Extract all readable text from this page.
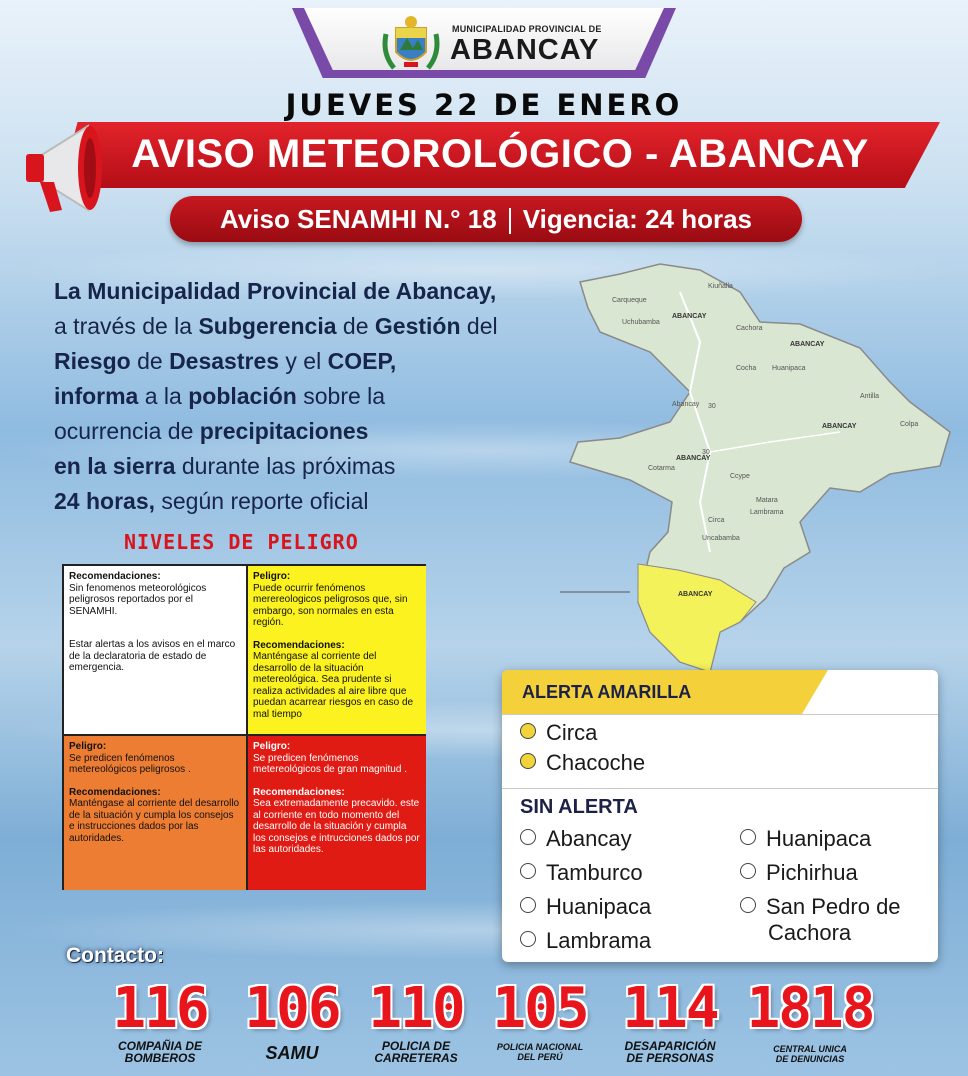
MUNICIPALIDAD PROVINCIAL DE
ABANCAY
JUEVES 22 DE ENERO
AVISO METEOROLÓGICO - ABANCAY
Aviso SENAMHI N.° 18 Vigencia: 24 horas
La Municipalidad Provincial de Abancay,
a través de la Subgerencia de Gestión del
Riesgo de Desastres y el COEP,
informa a la población sobre la
ocurrencia de precipitaciones
en la sierra durante las próximas
24 horas, según reporte oficial
Carqueque
Kiuñalla
Uchubamba
ABANCAY
Cachora
ABANCAY
Cocha Huanipaca
Abancay
Antilla
ABANCAY	Colpa
ABANCAY
Cotarma
Ccype
Matara
Lambrama
Circa
Uncabamba
ABANCAY
30
30
NIVELES DE PELIGRO
Recomendaciones:
Sin fenomenos meteorológicos peligrosos reportados por el SENAMHI.
Estar alertas a los avisos en el marco de la declaratoria de estado de emergencia.
Peligro:
Puede ocurrir fenómenos merereologicos peligrosos que, sin embargo, son normales en esta región.
Recomendaciones:
Manténgase al corriente del desarrollo de la situación metereológica. Sea prudente si realiza actividades al aire libre que puedan acarrear riesgos en caso de mal tiempo
Peligro:
Se predicen fenómenos metereológicos peligrosos .
Recomendaciones:
Manténgase al corriente del desarrollo de la situación y cumpla los consejos e instrucciones dados por las autoridades.
Peligro:
Se predicen fenómenos metereológicos de gran magnitud .
Recomendaciones:
Sea extremadamente precavido. este al corriente en todo momento del desarrollo de la situación y cumpla los consejos e intrucciones dados por las autoridades.
ALERTA AMARILLA
Circa
Chacoche
SIN ALERTA
Abancay
Tamburco
Huanipaca
Lambrama
Huanipaca
Pichirhua
San Pedro de
Cachora
Contacto:
116
COMPAÑIA DE
BOMBEROS
106
SAMU
110
POLICIA DE
CARRETERAS
105
POLICIA NACIONAL
DEL PERÚ
114
DESAPARICIÓN
DE PERSONAS
1818
CENTRAL UNICA
DE DENUNCIAS
